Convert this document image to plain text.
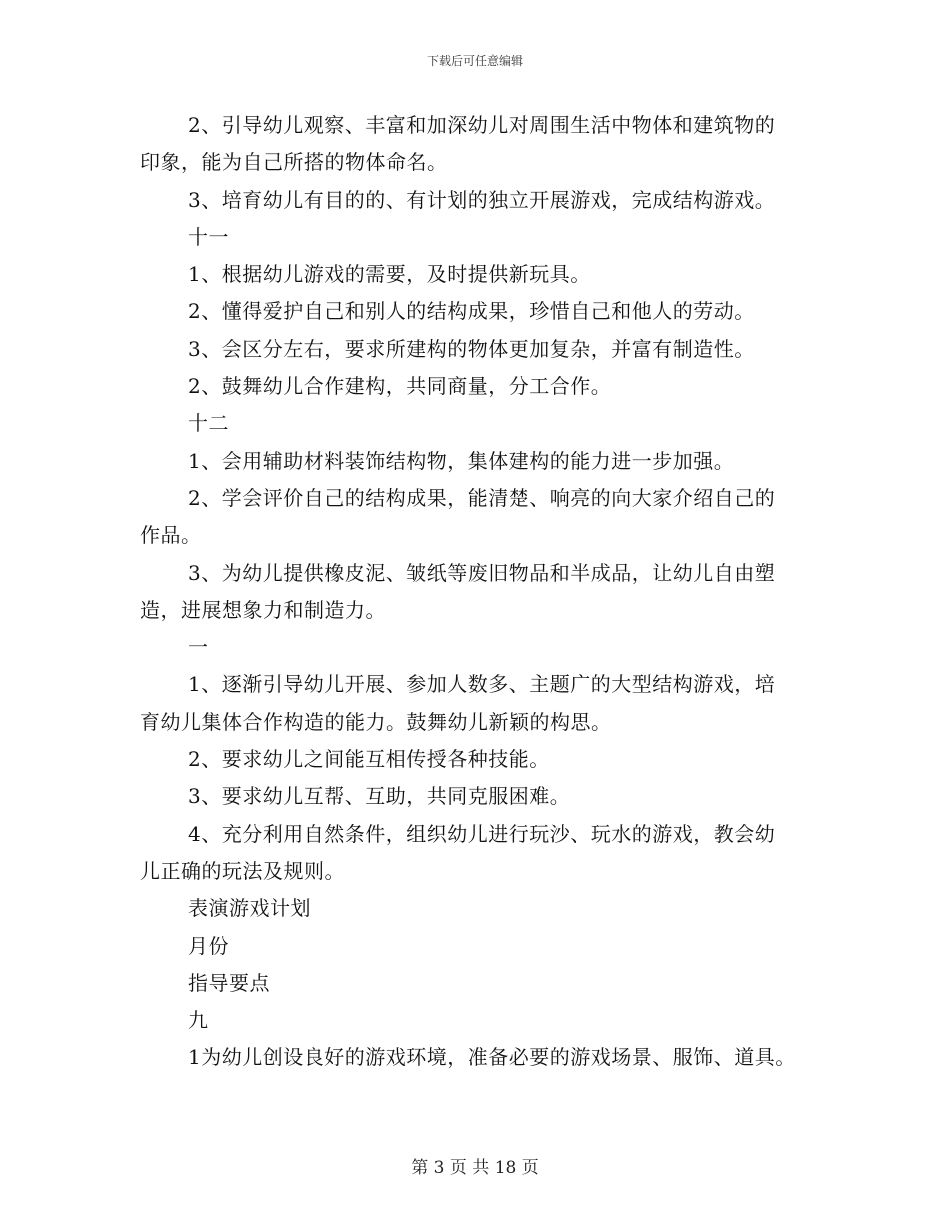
下载后可任意编辑
2、引导幼儿观察、丰富和加深幼儿对周围生活中物体和建筑物的
印象，能为自己所搭的物体命名。
3、培育幼儿有目的的、有计划的独立开展游戏，完成结构游戏。
十一
1、根据幼儿游戏的需要，及时提供新玩具。
2、懂得爱护自己和别人的结构成果，珍惜自己和他人的劳动。
3、会区分左右，要求所建构的物体更加复杂，并富有制造性。
2、鼓舞幼儿合作建构，共同商量，分工合作。
十二
1、会用辅助材料装饰结构物，集体建构的能力进一步加强。
2、学会评价自己的结构成果，能清楚、响亮的向大家介绍自己的
作品。
3、为幼儿提供橡皮泥、皱纸等废旧物品和半成品，让幼儿自由塑
造，进展想象力和制造力。
一
1、逐渐引导幼儿开展、参加人数多、主题广的大型结构游戏，培
育幼儿集体合作构造的能力。鼓舞幼儿新颖的构思。
2、要求幼儿之间能互相传授各种技能。
3、要求幼儿互帮、互助，共同克服困难。
4、充分利用自然条件，组织幼儿进行玩沙、玩水的游戏，教会幼
儿正确的玩法及规则。
表演游戏计划
月份
指导要点
九
1为幼儿创设良好的游戏环境，准备必要的游戏场景、服饰、道具。
第 3 页 共 18 页
